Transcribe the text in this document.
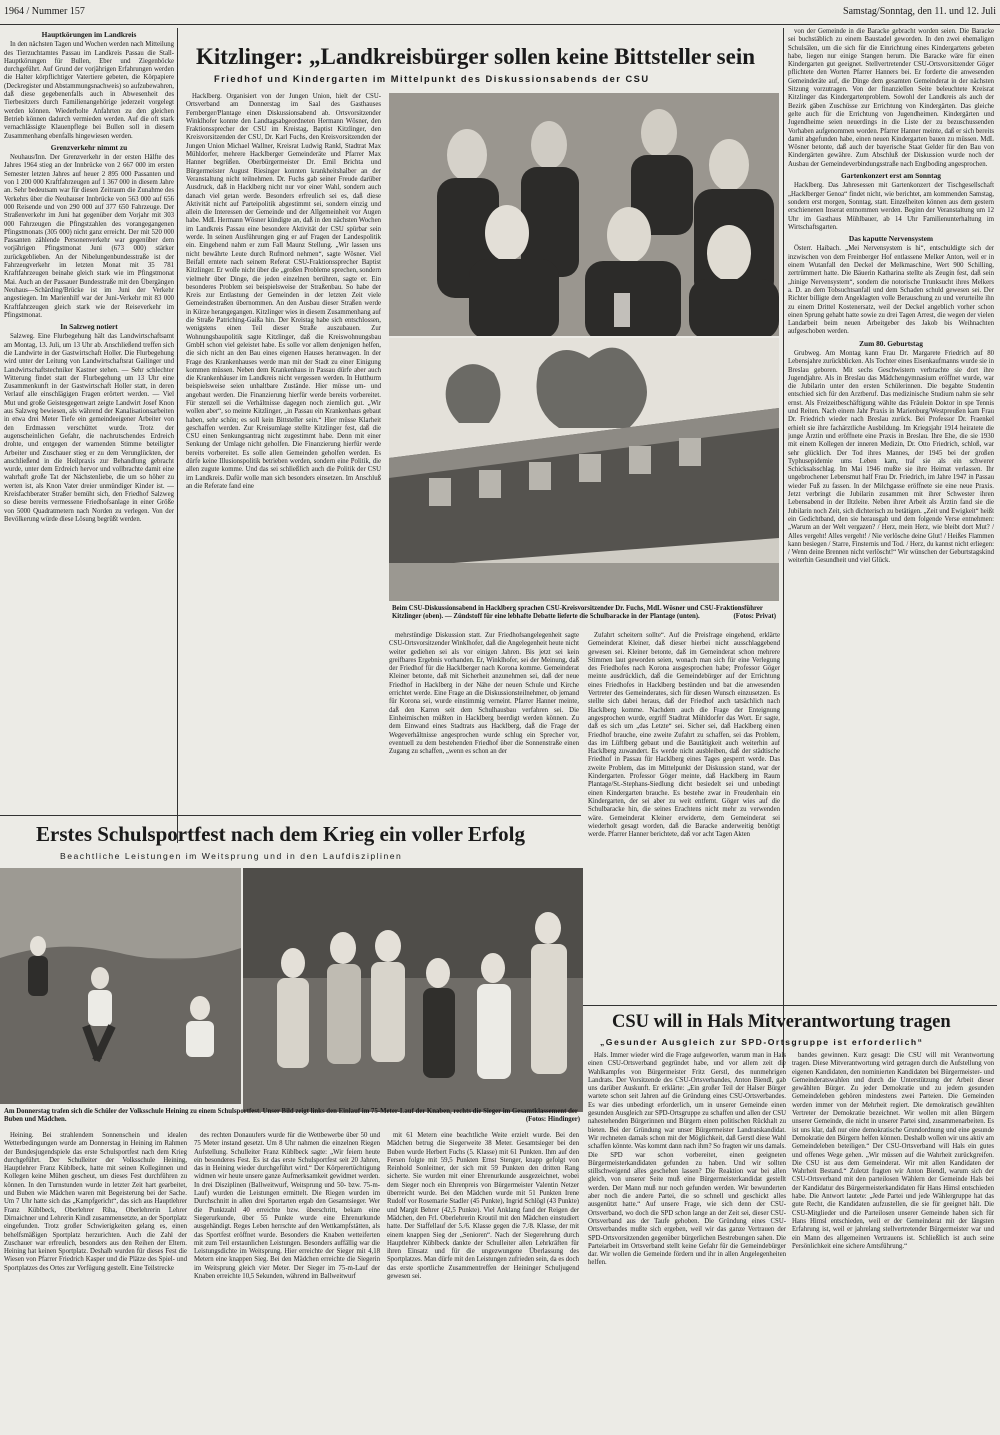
1964 / Nummer 157	Samstag/Sonntag, den 11. und 12. Juli
Hauptkörungen im Landkreis

In den nächsten Tagen und Wochen werden nach Mitteilung des Tierzuchtamtes Passau im Landkreis Passau die Stall-Hauptkörungen für Bullen, Eber und Ziegenböcke durchgeführt. Auf Grund der vorjährigen Erfahrungen werden die Halter körpflichtiger Vatertiere gebeten, die Körpapiere (Deckregister und Abstammungsnachweis) so aufzubewahren, daß diese gegebenenfalls auch in Abwesenheit des Tierbesitzers durch Familienangehörige jederzeit vorgelegt werden können. Wiederholte Anfahrten zu den gleichen Betrieb können dadurch vermieden werden. Auf die oft stark vernachlässigte Klauenpflege bei Bullen soll in diesem Zusammenhang ebenfalls hingewiesen werden.

Grenzverkehr nimmt zu

Neuhaus/Inn. Der Grenzverkehr in der ersten Hälfte des Jahres 1964 stieg an der Innbrücke von 2 667 000 im ersten Semester letzten Jahres auf heuer 2 895 000 Passanten und von 1 200 000 Kraftfahrzeugen auf 1 367 000 in diesem Jahre an. Sehr bedeutsam war für diesen Zeitraum die Zunahme des Verkehrs über die Neuhauser Innbrücke von 563 000 auf 656 000 Reisende und von 290 000 auf 377 650 Fahrzeuge. Der Straßenverkehr im Juni hat gegenüber dem Vorjahr mit 303 000 Fahrzeugen die Pfingstzahlen des vorangegangenen Pfingstmonats (305 000) nicht ganz erreicht. Der mit 520 000 Passanten zählende Personenverkehr war gegenüber dem vorjährigen Pfingstmonat Juni (673 000) stärker zurückgeblieben. An der Nibelungenbundesstraße ist der Fahrzeugverkehr im letzten Monat mit 35 781 Kraftfahrzeugen beinahe gleich stark wie im Pfingstmonat Mai. Auch an der Passauer Bundesstraße mit den Übergängen Neuhaus—Schärding/Brücke ist im Juni der Verkehr angestiegen. Im Marienhilf war der Juni-Verkehr mit 83 000 Kraftfahrzeugen gleich stark wie der Reiseverkehr im Pfingstmonat.

In Salzweg notiert

Salzweg. Eine Flurbegehung hält das Landwirtschaftsamt am Montag, 13. Juli, um 13 Uhr ab. Anschließend treffen sich die Landwirte in der Gastwirtschaft Holler. Die Flurbegehung wird unter der Leitung von Landwirtschaftsrat Gailinger und Landwirtschaftstechniker Kastner stehen. — Sehr schlechter Witterung findet statt der Flurbegehung um 13 Uhr eine Zusammenkunft in der Gastwirtschaft Holler statt, in deren Verlauf alle einschlägigen Fragen erörtert werden. — Viel Mut und große Geistesgegenwart zeigte Landwirt Josef Knon aus Salzweg bewiesen, als während der Kanalisationsarbeiten in etwa drei Meter Tiefe ein gemeindeeigener Arbeiter von den Erdmassen verschüttet wurde. Trotz der augenscheinlichen Gefahr, die nachrutschendes Erdreich drohte, und entgegen der warnenden Stimme beteiligter Arbeiter und Zuschauer stieg er zu dem Verunglückten, der anschließend in die Heilpraxis zur Behandlung gebracht wurde, unter dem Erdreich hervor und vollbrachte damit eine wahrhaft große Tat der Nächstenliebe, die um so höher zu werten ist, als Knon Vater dreier unmündiger Kinder ist. — Kreisfachberater Straßer bemüht sich, den Friedhof Salzweg so diese bereits vermessene Friedhofsanlage in einer Größe von 5000 Quadratmetern nach Norden zu verlegen. Von der Bevölkerung würde diese Lösung begrüßt werden.

Kitzlinger: „Landkreisbürger sollen keine Bittsteller sein
Friedhof und Kindergarten im Mittelpunkt des Diskussionsabends der CSU

Hacklberg. Organisiert von der Jungen Union, hielt der CSU-Ortsverband am Donnerstag im Saal des Gasthauses Fernberger/Plantage einen Diskussionsabend ab. Ortsvorsitzender Winklhofer konnte den Landtagsabgeordneten Hermann Wösner, den Fraktionssprecher der CSU im Kreistag, Baptist Kitzlinger, den Kreisvorsitzenden der CSU, Dr. Karl Fuchs, den Kreisvorsitzenden der Jungen Union Michael Wallner, Kreisrat Ludwig Rankl, Stadtrat Max Mühldorfer, mehrere Hacklberger Gemeinderäte und Pfarrer Max Hanner begrüßen. Oberbürgermeister Dr. Emil Brichta und Bürgermeister August Riesinger konnten krankheitshalber an der Veranstaltung nicht teilnehmen. Dr. Fuchs gab seiner Freude darüber Ausdruck, daß in Hacklberg nicht nur vor einer Wahl, sondern auch danach viel getan werde. Besonders erfreulich sei es, daß diese Aktivität nicht auf Parteipolitik abgestimmt sei, sondern einzig und allein die Interessen der Gemeinde und der Allgemeinheit vor Augen habe. MdL Hermann Wösner kündigte an, daß in den nächsten Wochen im Landkreis Passau eine besondere Aktivität der CSU spürbar sein werde. In seinen Ausführungen ging er auf Fragen der Landespolitik ein. Eingehend nahm er zum Fall Maunz Stellung. „Wir lassen uns nicht bewährte Leute durch Rufmord nehmen“, sagte Wösner. Viel Beifall erntete nach seinem Referat CSU-Fraktionssprecher Baptist Kitzlinger. Er wolle nicht über die „großen Probleme sprechen, sondern vielmehr über Dinge, die jeden einzelnen berühren, sagte er. Ein besonderes Problem sei beispielsweise der Straßenbau. So habe der Kreis zur Entlastung der Gemeinden in der letzten Zeit viele Gemeindestraßen übernommen. An den Ausbau dieser Straßen werde in Kürze herangegangen. Kitzlinger wies in diesem Zusammenhang auf die Straße Patriching-Gaißa hin. Der Kreistag habe sich entschlossen, wenigstens einen Teil dieser Straße auszubauen. Zur Wohnungsbaupolitik sagte Kitzlinger, daß die Kreiswohnungsbau GmbH schon viel geleistet habe. Es solle vor allem denjenigen helfen, die sich nicht an den Bau eines eigenen Hauses heranwagen. In der Frage des Krankenhauses werde man mit der Stadt zu einer Einigung kommen müssen. Neben dem Krankenhaus in Passau dürfe aber auch die Krankenhäuser im Landkreis nicht vergessen werden. In Hutthurm beispielsweise seien unhaltbare Zustände. Hier müsse um- und angebaut werden. Die Finanzierung hierfür werde bereits vorbereitet. Für stenzell sei die Verhältnisse dagegen noch ziemlich gut. „Wir wollen aber“, so meinte Kitzlinger, „in Passau ein Krankenhaus gebaut haben, sehr schön; es soll kein Bittsteller sein.“ Hier müsse Klarheit geschaffen werden. Zur Kreisumlage stellte Kitzlinger fest, daß die CSU einen Senkungsantrag nicht zugestimmt habe. Denn mit einer Senkung der Umlage nicht geholfen. Die Finanzierung hierfür werde bereits vorbereitet. Es solle allen Gemeinden geholfen werden. Es dürfe keine Illusionspolitik betrieben werden, sondern eine Politik, die allen zugute komme. Und das sei schließlich auch die Politik der CSU im Landkreis. Dafür wolle man sich besonders einsetzen. Im Anschluß an die Referate fand eine

Beim CSU-Diskussionsabend in Hacklberg sprachen CSU-Kreisvorsitzender Dr. Fuchs, MdL Wösner und CSU-Fraktionsführer Kitzlinger (oben). — Zündstoff für eine lebhafte Debatte lieferte die Schulbaracke in der Plantage (unten).	(Fotos: Privat)

mehrstündige Diskussion statt. Zur Friedhofsangelegenheit sagte CSU-Ortsvorsitzender Winklhofer, daß die Angelegenheit heute nicht weiter gediehen sei als vor einigen Jahren. Bis jetzt sei kein greifbares Ergebnis vorhanden. Er, Winklhofer, sei der Meinung, daß der Friedhof für die Hacklberger nach Korona komme. Gemeinderat Kleiner betonte, daß mit Sicherheit anzunehmen sei, daß der neue Friedhof in Hacklberg in der Nähe der neuen Schule und Kirche errichtet werde. Eine Frage an die Diskussionsteilnehmer, ob jemand für Korona sei, wurde einstimmig verneint. Pfarrer Hanner meinte, daß den Karren seit dem Schulhausbau verfahren sei. Die Einheimischen müßten in Hacklberg beerdigt werden können. Zu dem Einwand eines Stadtrats aus Hacklberg, daß die Frage der Wegeverhältnisse angesprochen wurde schlug ein Sprecher vor, eventuell zu dem bestehenden Friedhof über die Sonnenstraße einen Zugang zu schaffen, „wenn es schon an der

Zufahrt scheitern sollte“. Auf die Preisfrage eingehend, erklärte Gemeinderat Kleiner, daß dieser hierbei nicht ausschlaggebend gewesen sei. Kleiner betonte, daß im Gemeinderat schon mehrere Stimmen laut geworden seien, wonach man sich für eine Verlegung des Friedhofes nach Korona ausgesprochen habe; Professor Göger meinte ausdrücklich, daß die Gemeindebürger auf der Errichtung eines Friedhofes in Hacklberg bestünden und bat die anwesenden Vertreter des Gemeinderates, sich für diesen Wunsch einzusetzen. Es stellte sich dabei heraus, daß der Friedhof auch tatsächlich nach Hacklberg komme. Nachdem auch die Frage der Enteignung angesprochen wurde, ergriff Stadtrat Mühldorfer das Wort. Er sagte, daß es sich um „das Letzte“ sei. Sicher sei, daß Hacklberg einen Friedhof brauche, eine zweite Zufahrt zu schaffen, sei das Problem, das im Lüftlberg gebaut und die Bautätigkeit auch weiterhin auf Hacklberg zuwandert. Es werde nicht ausbleiben, daß der städtische Friedhof in Passau für Hacklberg eines Tages gesperrt werde. Das zweite Problem, das im Mittelpunkt der Diskussion stand, war der Kindergarten. Professor Göger meinte, daß Hacklberg im Raum Plantage/St.-Stephans-Siedlung dicht besiedelt sei und unbedingt einen Kindergarten brauche. Es bestehe zwar in Freudenhain ein Kindergarten, der sei aber zu weit entfernt. Göger wies auf die Schulbaracke hin, die seines Erachtens nicht mehr zu verwenden wäre. Gemeinderat Kleiner erwiderte, dem Gemeinderat sei wiederholt gesagt worden, daß die Baracke anderweitig benötigt werde. Pfarrer Hanner berichtete, daß vor acht Tagen Akten

von der Gemeinde in die Baracke gebracht worden seien. Die Baracke sei buchstäblich zu einem Baustadel geworden. In den zwei ehemaligen Schulsälen, um die sich für die Einrichtung eines Kindergartens gebeten habe, liegen nur einige Stangen herum. Die Baracke wäre für einen Kindergarten gut geeignet. Stellvertretender CSU-Ortsvorsitzender Göger pflichtete den Worten Pfarrer Hanners bei. Er forderte die anwesenden Gemeinderäte auf, die Dinge dem gesamten Gemeinderat in der nächsten Sitzung vorzutragen. Von der finanziellen Seite beleuchtete Kreisrat Kitzlinger das Kindergartenproblem. Sowohl der Landkreis als auch der Bezirk gäben Zuschüsse zur Errichtung von Kindergärten. Das gleiche gelte auch für die Errichtung von Jugendheimen. Kindergärten und Jugendheime seien neuerdings in die Liste der zu bezuschussenden Vorhaben aufgenommen worden. Pfarrer Hanner meinte, daß er sich bereits damit abgefunden habe, einen neuen Kindergarten bauen zu müssen. MdL Wösner betonte, daß auch der bayerische Staat Gelder für den Bau von Kindergärten gewähre. Zum Abschluß der Diskussion wurde noch der Ausbau der Gemeindeverbindungsstraße nach Englboding angesprochen.

Gartenkonzert erst am Sonntag

Hacklberg. Das Jahresessen mit Gartenkonzert der Tischgesellschaft „Hacklberger Genoa“ findet nicht, wie berichtet, am kommenden Samstag, sondern erst morgen, Sonntag, statt. Einzelheiten können aus dem gestern erschienenen Inserat entnommen werden. Beginn der Veranstaltung um 12 Uhr im Gasthaus Mühlbauer, ab 14 Uhr Familienunterhaltung im Wirtschaftsgarten.

Das kaputte Nervensystem

Österr. Haibach. „Mei Nervensystem is hi“, entschuldigte sich der inzwischen von dem Freinberger Hof entlassene Melker Anton, weil er in einem Wutanfall den Deckel der Melkmaschine, Wert 900 Schilling, zertrümmert hatte. Die Bäuerin Katharina stellte als Zeugin fest, daß sein „hinige Nervensystem“, sondern die notorische Trunksucht ihres Melkers a. D. an dem Tobsuchtsanfall und dem Schaden schuld gewesen sei. Der Richter billigte dem Angeklagten volle Berauschung zu und verurteilte ihn zu einem Drittel Kostenersatz, weil der Deckel angeblich vorher schon einen Sprung gehabt hatte sowie zu drei Tagen Arrest, die wegen der vielen Landarbeit beim neuen Arbeitgeber des Jakob bis Weihnachten aufgeschoben werden.

Zum 80. Geburtstag

Grubweg. Am Montag kann Frau Dr. Margarete Friedrich auf 80 Lebensjahre zurückblicken. Als Tochter eines Eisenkaufmanns wurde sie in Breslau geboren. Mit sechs Geschwistern verbrachte sie dort ihre Jugendjahre. Als in Breslau das Mädchengymnasium eröffnet wurde, war die Jubilarin unter den ersten Schülerinnen. Die begabte Studentin entschied sich für den Arztberuf. Das medizinische Studium nahm sie sehr ernst. Als Freizeitbeschäftigung wählte das Fräulein Doktor in spe Tennis und Reiten. Nach einem Jahr Praxis in Marienburg/Westpreußen kam Frau Dr. Friedrich wieder nach Breslau zurück. Bei Professor Dr. Fraenkel erhielt sie ihre fachärztliche Ausbildung. Im Kriegsjahr 1914 heiratete die junge Ärztin und eröffnete eine Praxis in Breslau. Ihre Ehe, die sie 1930 mit einem Kollegen der inneren Medizin, Dr. Otto Friedrich, schloß, war sehr glücklich. Der Tod ihres Mannes, der 1945 bei der großen Typhusepidemie ums Leben kam, traf sie als ein schwerer Schicksalsschlag. Im Mai 1946 mußte sie ihre Heimat verlassen. Ihr ungebrochener Lebensmut half Frau Dr. Friedrich, im Jahre 1947 in Passau wieder Fuß zu fassen. In der Milchgasse eröffnete sie eine neue Praxis. Jetzt verbringt die Jubilarin zusammen mit ihrer Schwester ihren Lebensabend in der Iltzleite. Neben ihrer Arbeit als Ärztin fand sie die Jubilarin noch Zeit, sich dichterisch zu betätigen. „Zeit und Ewigkeit“ heißt ein Gedichtband, den sie herausgab und dem folgende Verse entnehmen: „Warum an der Welt vergazen? / Herz, mein Herz, wie bleibt dort Mut? / Alles vergeht! Alles vergeht! / Nie verlösche deine Glut! / Heißes Flammen kann besiegen / Starre, Finsternis und Tod. / Herz, du kannst nicht erliegen: / Wenn deine Brennen nicht verlöscht!“ Wir wünschen der Geburtstagskind weiterhin Gesundheit und viel Glück.

Erstes Schulsportfest nach dem Krieg ein voller Erfolg
Beachtliche Leistungen im Weitsprung und in den Laufdisziplinen
Am Donnerstag trafen sich die Schüler der Volksschule Heining zu einem Schulsportfest. Unser Bild zeigt links den Einlauf im 75-Meter-Lauf der Knaben, rechts die Sieger im Gesamtklassement der Buben und Mädchen.	(Fotos: Hindinger)

Heining. Bei strahlendem Sonnenschein und idealen Wetterbedingungen wurde am Donnerstag in Heining im Rahmen der Bundesjugendspiele das erste Schulsportfest nach dem Krieg durchgeführt. Der Schulleiter der Volksschule Heining, Hauptlehrer Franz Küblbeck, hatte mit seinen Kolleginnen und Kollegen keine Mühen gescheut, um dieses Fest durchführen zu können. In den Turnstunden wurde in letzter Zeit hart gearbeitet, und Buben wie Mädchen waren mit Begeisterung bei der Sache. Um 7 Uhr hatte sich das „Kampfgericht“, das sich aus Hauptlehrer Franz Küblbeck, Oberlehrer Riha, Oberlehrerin Lehrer Dirnaichner und Lehrerin Kindl zusammensetzte, an der Sportplatz eingefunden. Trotz großer Schwierigkeiten gelang es, einen behelfsmäßigen Sportplatz herzurichten. Auch die Zahl der Zuschauer war erfreulich, besonders aus den Reihen der Eltern. Heining hat keinen Sportplatz. Deshalb wurden für dieses Fest die Wiesen von Pfarrer Friedrich Kasper und die Plätze des Spiel- und Sportplatzes des Ortes zur Verfügung gestellt. Eine Teilstrecke

des rechten Donauufers wurde für die Wettbewerbe über 50 und 75 Meter instand gesetzt. Um 8 Uhr nahmen die einzelnen Riegen Aufstellung. Schulleiter Franz Küblbeck sagte: „Wir feiern heute ein besonderes Fest. Es ist das erste Schulsportfest seit 20 Jahren, das in Heining wieder durchgeführt wird.“ Der Körperertüchtigung widmen wir heute unsere ganze Aufmerksamkeit gewidmet werden. In drei Disziplinen (Ballweitwurf, Weitsprung und 50- bzw. 75-m-Lauf) wurden die Leistungen ermittelt. Die Riegen wurden im Durchschnitt in allen drei Sportarten ergab den Gesamtsieger. Wer die Punktzahl 40 erreichte bzw. überschritt, bekam eine Siegerurkunde, über 55 Punkte wurde eine Ehrenurkunde ausgehändigt. Reges Leben herrschte auf den Wettkampfstätten, als das Sportfest eröffnet wurde. Besonders die Knaben wetteiferten mit zum Teil erstaunlichen Leistungen. Besonders auffällig war die Leistungsdichte im Weitsprung. Hier erreichte der Sieger mit 4,18 Metern eine knappen Sieg. Bei den Mädchen erreichte die Siegerin im Weitsprung gleich vier Meter. Der Sieger im 75-m-Lauf der Knaben erreichte 10,5 Sekunden, während im Ballweitwurf

mit 61 Metern eine beachtliche Weite erzielt wurde. Bei den Mädchen betrug die Siegerweite 38 Meter. Gesamtsieger bei den Buben wurde Herbert Fuchs (5. Klasse) mit 61 Punkten. Ihm auf den Fersen folgte mit 59,5 Punkten Ernst Stenger, knapp gefolgt von Reinhold Sonleitner, der sich mit 59 Punkten den dritten Rang sicherte. Sie wurden mit einer Ehrenurkunde ausgezeichnet, wobei dem Sieger noch ein Ehrenpreis von Bürgermeister Valentin Netzer überreicht wurde. Bei den Mädchen wurde mit 51 Punkten Irene Rudolf vor Rosemarie Stadler (45 Punkte), Ingrid Schlögl (43 Punkte) und Margit Behrer (42,5 Punkte). Viel Anklang fand der Reigen der Mädchen, den Frl. Oberlehrerin Kroutil mit den Mädchen einstudiert hatte. Der Staffellauf der 5./6. Klasse gegen die 7./8. Klasse, der mit einem knappen Sieg der „Senioren“. Nach der Siegerehrung durch Hauptlehrer Küblbeck dankte der Schulleiter allen Lehrkräften für ihren Einsatz und für die ungezwungene Überlassung des Sportplatzes. Man dürfe mit den Leistungen zufrieden sein, da es doch das erste sportliche Zusammentreffen der Heininger Schuljugend gewesen sei.

CSU will in Hals Mitverantwortung tragen
„Gesunder Ausgleich zur SPD-Ortsgruppe ist erforderlich“

Hals. Immer wieder wird die Frage aufgeworfen, warum man in Hals einen CSU-Ortsverband gegründet habe, und vor allem zeit die Wahlkampfes von Bürgermeister Fritz Gerstl, des nunmehrigen Landrats. Der Vorsitzende des CSU-Ortsverbandes, Anton Biendl, gab uns darüber Auskunft. Er erklärte: „Ein großer Teil der Halser Bürger wartete schon seit Jahren auf die Gründung eines CSU-Ortsverbandes. Es war dies unbedingt erforderlich, um in unserer Gemeinde einen gesunden Ausgleich zur SPD-Ortsgruppe zu schaffen und allen der CSU nahestehenden Bürgerinnen und Bürgern einen politischen Rückhalt zu bieten. Bei der Gründung war unser Bürgermeister Landratskandidat. Wir rechneten damals schon mit der Möglichkeit, daß Gerstl diese Wahl schaffen könnte. Was kommt dann nach ihm? So fragten wir uns damals. Die SPD war schon vorbereitet, einen geeigneten Bürgermeisterkandidaten gefunden zu haben. Und wir sollten stillschweigend alles geschehen lassen? Die Reaktion war bei allen gleich, von unserer Seite muß eine Bürgermeisterkandidat gestellt werden. Der Mann muß nur noch gefunden werden. Wir bewunderten aber noch die andere Partei, die so schnell und geschickt alles ausgenützt hatte.“ Auf unsere Frage, wie sich denn der CSU-Ortsverband, wo doch die SPD schon lange an der Zeit sei, dieser CSU-Ortsverband aus der Taufe gehoben. Die Gründung eines CSU-Ortsverbandes mußte sich ergeben, weil wir das ganze Vertrauen der SPD-Ortsvorsitzenden gegenüber bürgerlichen Bestrebungen sahen. Die Parteiarbeit im Ortsverband stellt keine Gefahr für die Gemeindebürger dar. Wir wollen die Gemeinde fördern und ihr in allen Angelegenheiten helfen.

bandes gewinnen. Kurz gesagt: Die CSU will mit Verantwortung tragen. Diese Mitverantwortung wird getragen durch die Aufstellung von eigenen Kandidaten, den nominierten Kandidaten bei Bürgermeister- und Gemeinderatswahlen und durch die Unterstützung der Arbeit dieser gewählten Bürger. Zu jeder Demokratie und zu jedem gesunden Gemeindeleben gehören mindestens zwei Parteien. Die Gemeinden werden immer von der Mehrheit regiert. Die demokratisch gewählten Vertreter der Demokratie bezeichnet. Wir wollen mit allen Bürgern unserer Gemeinde, die nicht in unserer Partei sind, zusammenarbeiten. Es ist uns klar, daß nur eine demokratische Grundordnung und eine gesunde Demokratie den Bürgern helfen können. Deshalb wollen wir uns aktiv am Gemeindeleben beteiligen.“ Der CSU-Ortsverband will Hals ein gutes und offenes Wege gehen. „Wir müssen auf die Wahrheit zurückgreifen. Die CSU ist aus dem Gemeinderat. Wir mit allen Kandidaten der Wahrheit Bestand.“ Zuletzt fragten wir Anton Biendl, warum sich der CSU-Ortsverband mit den parteilosen Wählern der Gemeinde Hals bei der Kandidatur des Bürgermeisterkandidaten für Hans Himsl entschieden habe. Die Antwort lautete: „Jede Partei und jede Wählergruppe hat das gute Recht, die Kandidaten aufzustellen, die sie für geeignet hält. Die CSU-Mitglieder und die Parteilosen unserer Gemeinde haben sich für Hans Himsl entschieden, weil er der Gemeinderat mit der längsten Erfahrung ist, weil er jahrelang stellvertretender Bürgermeister war und ein Mann des allgemeinen Vertrauens ist. Schließlich ist auch seine Persönlichkeit eine sichere Amtsführung.“
